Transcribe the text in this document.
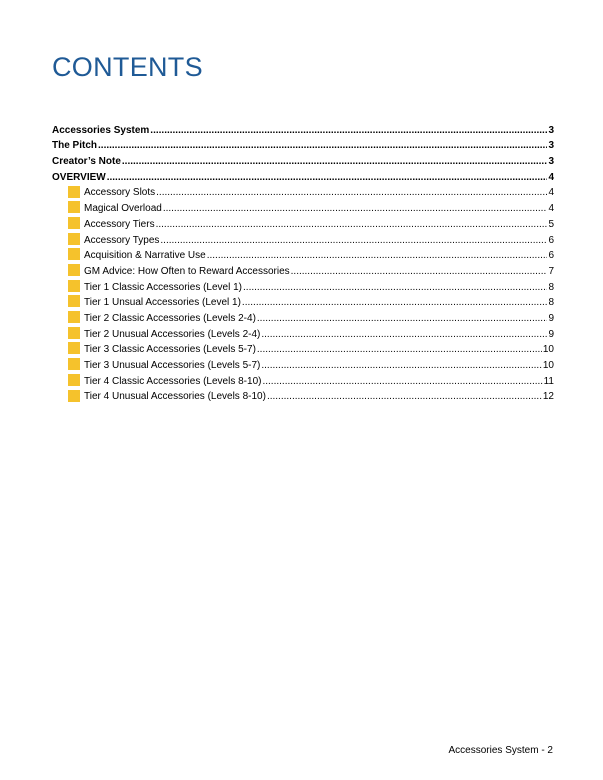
CONTENTS
Accessories System .....	3
The Pitch .....	3
Creator’s Note .....	3
OVERVIEW .....	4
Accessory Slots .....	4
Magical Overload .....	4
Accessory Tiers .....	5
Accessory Types .....	6
Acquisition & Narrative Use .....	6
GM Advice: How Often to Reward Accessories .....	7
Tier 1 Classic Accessories (Level 1) .....	8
Tier 1 Unsual Accessories (Level 1) .....	8
Tier 2 Classic Accessories (Levels 2-4) .....	9
Tier 2 Unusual Accessories (Levels 2-4) .....	9
Tier 3 Classic Accessories (Levels 5-7) .....	10
Tier 3 Unusual Accessories (Levels 5-7) .....	10
Tier 4 Classic Accessories (Levels 8-10) .....	11
Tier 4 Unusual Accessories (Levels 8-10) .....	12
Accessories System - 2
